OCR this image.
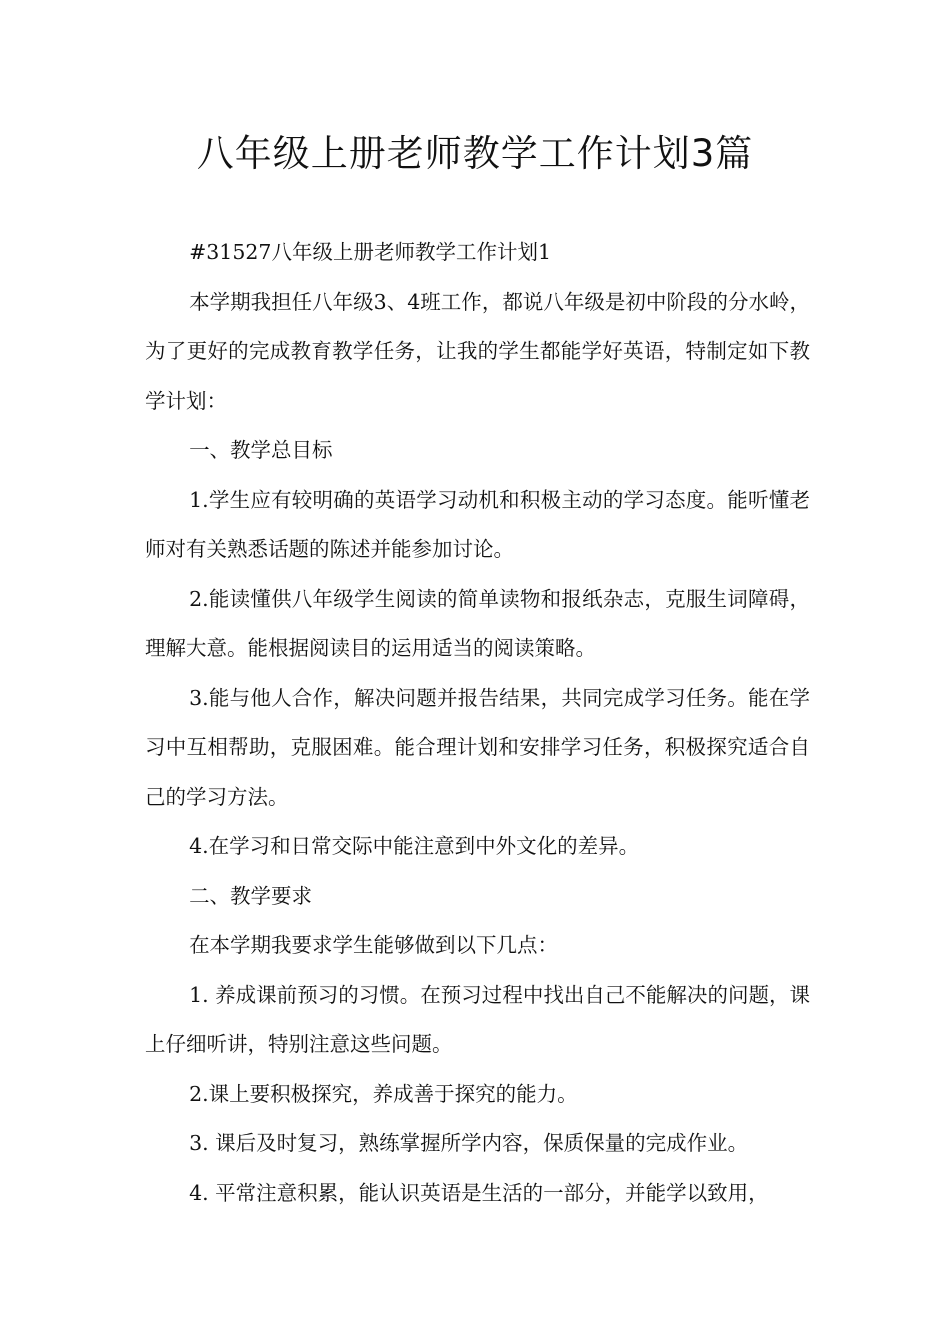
八年级上册老师教学工作计划3篇

#31527八年级上册老师教学工作计划1

本学期我担任八年级3、4班工作，都说八年级是初中阶段的分水岭，为了更好的完成教育教学任务，让我的学生都能学好英语，特制定如下教学计划：

一、教学总目标

1.学生应有较明确的英语学习动机和积极主动的学习态度。能听懂老师对有关熟悉话题的陈述并能参加讨论。

2.能读懂供八年级学生阅读的简单读物和报纸杂志，克服生词障碍，理解大意。能根据阅读目的运用适当的阅读策略。

3.能与他人合作，解决问题并报告结果，共同完成学习任务。能在学习中互相帮助，克服困难。能合理计划和安排学习任务，积极探究适合自己的学习方法。

4.在学习和日常交际中能注意到中外文化的差异。

二、教学要求

在本学期我要求学生能够做到以下几点：

1. 养成课前预习的习惯。在预习过程中找出自己不能解决的问题，课上仔细听讲，特别注意这些问题。

2.课上要积极探究，养成善于探究的能力。

3. 课后及时复习，熟练掌握所学内容，保质保量的完成作业。

4. 平常注意积累，能认识英语是生活的一部分，并能学以致用，
